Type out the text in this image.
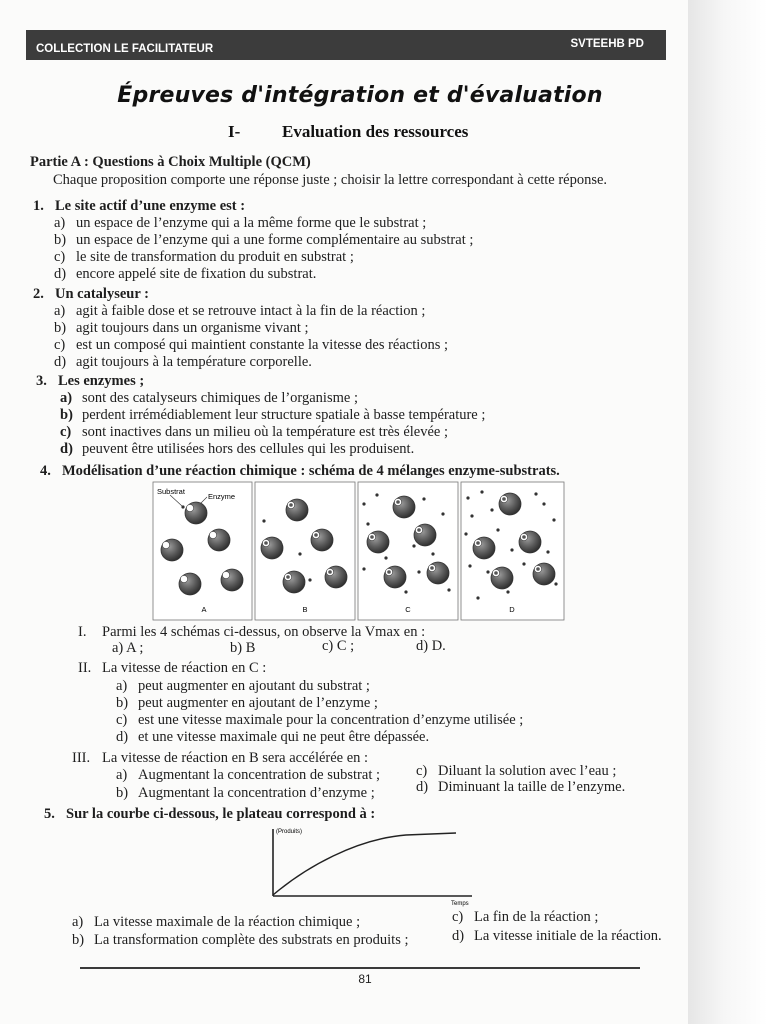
COLLECTION LE FACILITATEUR	SVTEEHB PD
Épreuves d'intégration et d'évaluation
I- Evaluation des ressources
Partie A : Questions à Choix Multiple (QCM)
Chaque proposition comporte une réponse juste ; choisir la lettre correspondant à cette réponse.
1. Le site actif d’une enzyme est :
a) un espace de l’enzyme qui a la même forme que le substrat ;
b) un espace de l’enzyme qui a une forme complémentaire au substrat ;
c) le site de transformation du produit en substrat ;
d) encore appelé site de fixation du substrat.
2. Un catalyseur :
a) agit à faible dose et se retrouve intact à la fin de la réaction ;
b) agit toujours dans un organisme vivant ;
c) est un composé qui maintient constante la vitesse des réactions ;
d) agit toujours à la température corporelle.
3. Les enzymes ;
a) sont des catalyseurs chimiques de l’organisme ;
b) perdent irrémédiablement leur structure spatiale à basse température ;
c) sont inactives dans un milieu où la température est très élevée ;
d) peuvent être utilisées hors des cellules qui les produisent.
4. Modélisation d’une réaction chimique : schéma de 4 mélanges enzyme-substrats.
Substrat
Enzyme
A	B	C	D
I. Parmi les 4 schémas ci-dessus, on observe la Vmax en :
a) A ;	b) B	c) C ;	d) D.
II. La vitesse de réaction en C :
a) peut augmenter en ajoutant du substrat ;
b) peut augmenter en ajoutant de l’enzyme ;
c) est une vitesse maximale pour la concentration d’enzyme utilisée ;
d) et une vitesse maximale qui ne peut être dépassée.
III. La vitesse de réaction en B sera accélérée en :
a) Augmentant la concentration de substrat ; c) Diluant la solution avec l’eau ;
b) Augmentant la concentration d’enzyme ;	d) Diminuant la taille de l’enzyme.
5. Sur la courbe ci-dessous, le plateau correspond à :
(Produits)
Temps
a) La vitesse maximale de la réaction chimique ;	c) La fin de la réaction ;
b) La transformation complète des substrats en produits ;	d) La vitesse initiale de la réaction.
81
